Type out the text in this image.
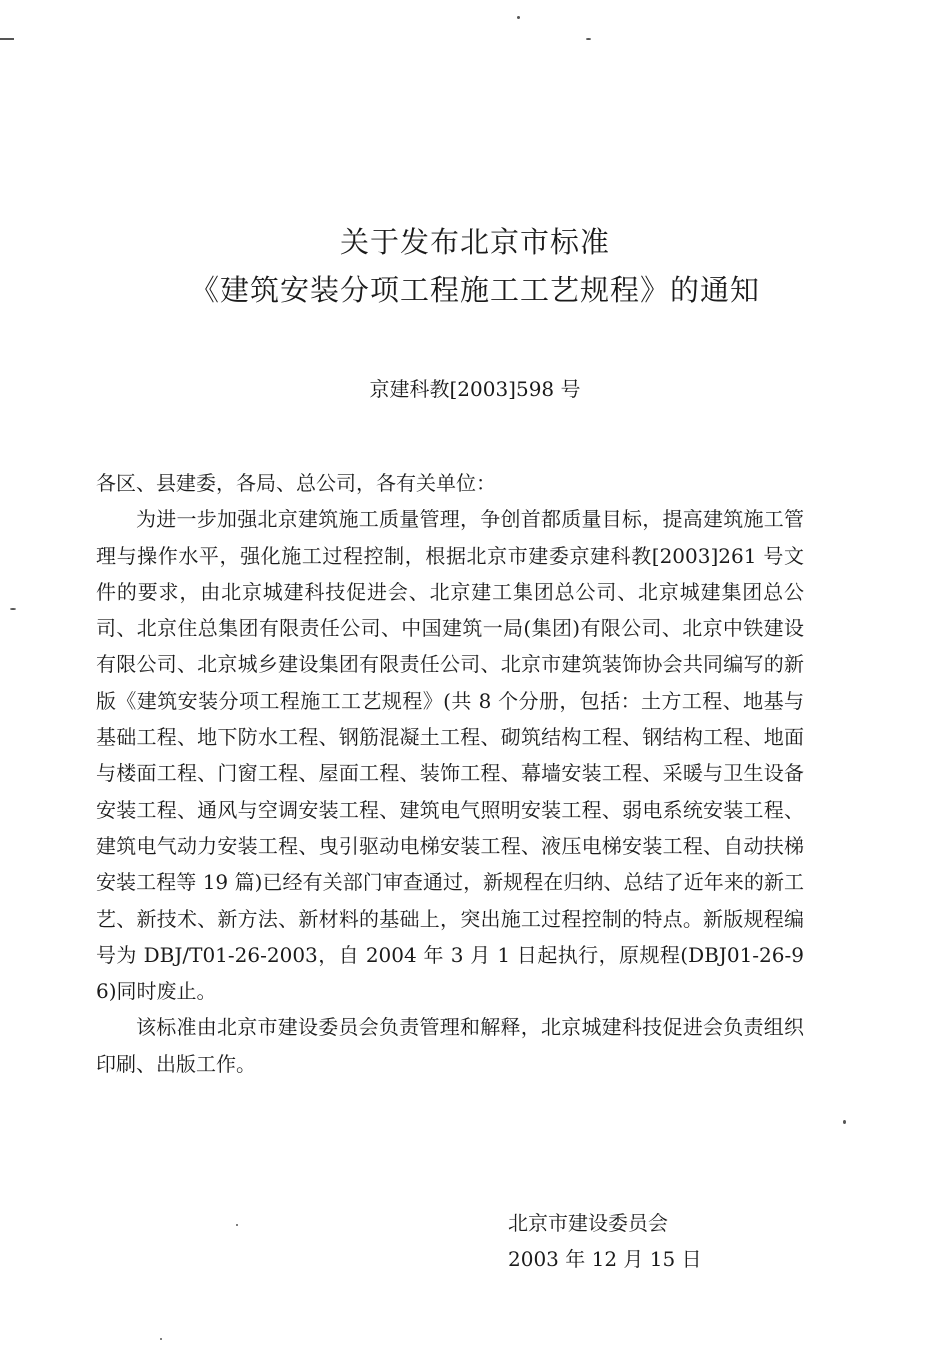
关于发布北京市标准
《建筑安装分项工程施工工艺规程》的通知
京建科教[2003]598 号

各区、县建委，各局、总公司，各有关单位：

为进一步加强北京建筑施工质量管理，争创首都质量目标，提高建筑施工管理与操作水平，强化施工过程控制，根据北京市建委京建科教[2003]261 号文件的要求，由北京城建科技促进会、北京建工集团总公司、北京城建集团总公司、北京住总集团有限责任公司、中国建筑一局(集团)有限公司、北京中铁建设有限公司、北京城乡建设集团有限责任公司、北京市建筑装饰协会共同编写的新版《建筑安装分项工程施工工艺规程》(共 8 个分册，包括：土方工程、地基与基础工程、地下防水工程、钢筋混凝土工程、砌筑结构工程、钢结构工程、地面与楼面工程、门窗工程、屋面工程、装饰工程、幕墙安装工程、采暖与卫生设备安装工程、通风与空调安装工程、建筑电气照明安装工程、弱电系统安装工程、建筑电气动力安装工程、曳引驱动电梯安装工程、液压电梯安装工程、自动扶梯安装工程等 19 篇)已经有关部门审查通过，新规程在归纳、总结了近年来的新工艺、新技术、新方法、新材料的基础上，突出施工过程控制的特点。新版规程编号为 DBJ/T01-26-2003，自 2004 年 3 月 1 日起执行，原规程(DBJ01-26-96)同时废止。

该标准由北京市建设委员会负责管理和解释，北京城建科技促进会负责组织印刷、出版工作。

北京市建设委员会
2003 年 12 月 15 日
